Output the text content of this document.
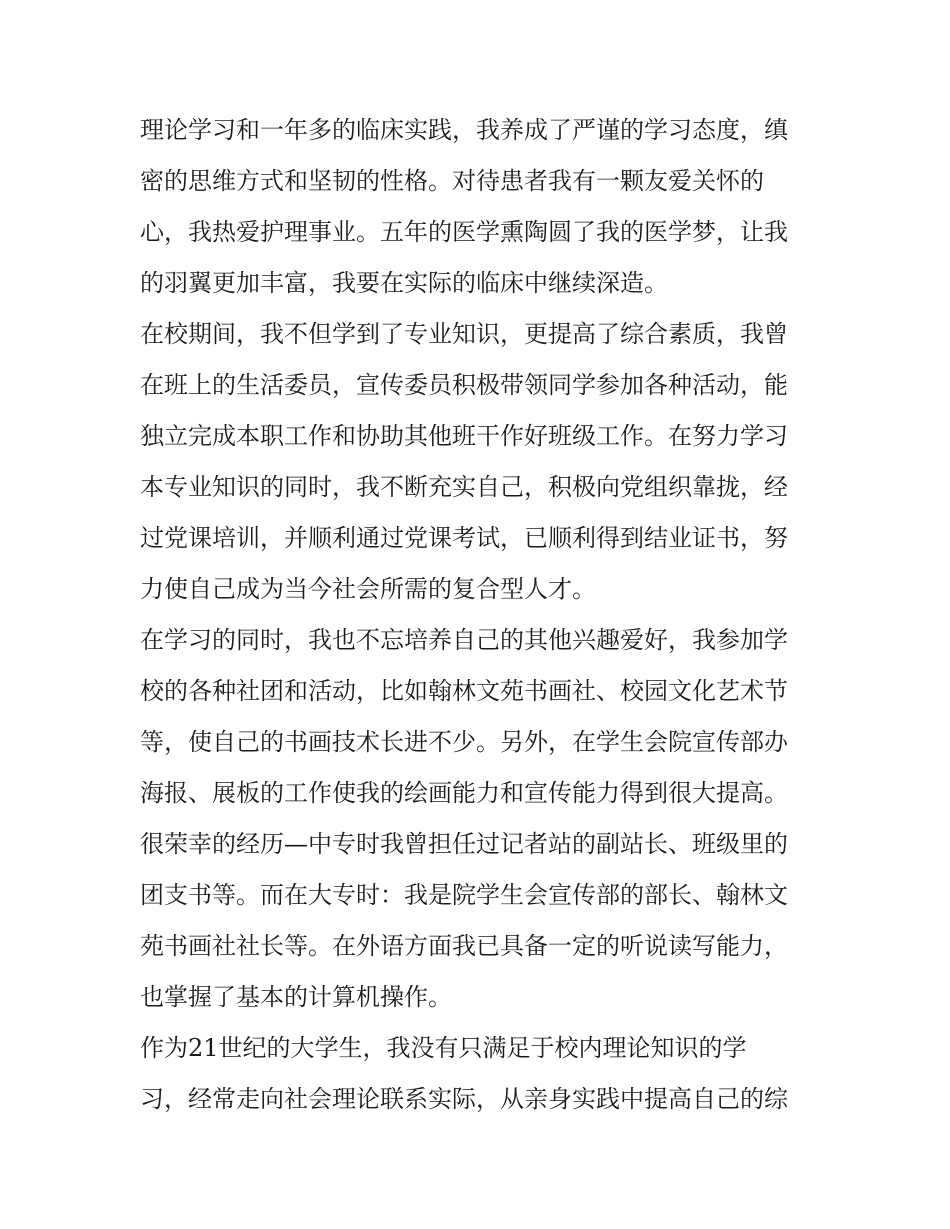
理论学习和一年多的临床实践，我养成了严谨的学习态度，缜
密的思维方式和坚韧的性格。对待患者我有一颗友爱关怀的
心，我热爱护理事业。五年的医学熏陶圆了我的医学梦，让我
的羽翼更加丰富，我要在实际的临床中继续深造。
在校期间，我不但学到了专业知识，更提高了综合素质，我曾
在班上的生活委员，宣传委员积极带领同学参加各种活动，能
独立完成本职工作和协助其他班干作好班级工作。在努力学习
本专业知识的同时，我不断充实自己，积极向党组织靠拢，经
过党课培训，并顺利通过党课考试，已顺利得到结业证书，努
力使自己成为当今社会所需的复合型人才。
在学习的同时，我也不忘培养自己的其他兴趣爱好，我参加学
校的各种社团和活动，比如翰林文苑书画社、校园文化艺术节
等，使自己的书画技术长进不少。另外，在学生会院宣传部办
海报、展板的工作使我的绘画能力和宣传能力得到很大提高。
很荣幸的经历—中专时我曾担任过记者站的副站长、班级里的
团支书等。而在大专时：我是院学生会宣传部的部长、翰林文
苑书画社社长等。在外语方面我已具备一定的听说读写能力，
也掌握了基本的计算机操作。
作为21世纪的大学生，我没有只满足于校内理论知识的学
习，经常走向社会理论联系实际，从亲身实践中提高自己的综
